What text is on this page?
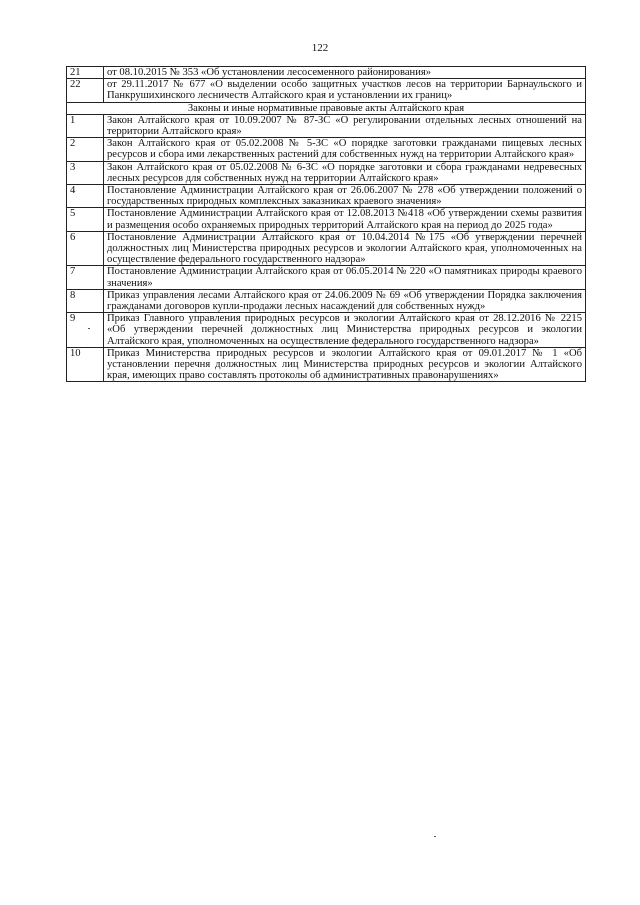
122
21	от 08.10.2015 № 353 «Об установлении лесосеменного районирования»
22	от 29.11.2017 № 677 «О выделении особо защитных участков лесов на территории Барнаульского и Панкрушихинского лесничеств Алтайского края и установлении их границ»
Законы и иные нормативные правовые акты Алтайского края	
1	Закон Алтайского края от 10.09.2007 № 87-ЗС «О регулировании отдельных лесных отношений на территории Алтайского края»
2	Закон Алтайского края от 05.02.2008 № 5-ЗС «О порядке заготовки гражданами пищевых лесных ресурсов и сбора ими лекарственных растений для собственных нужд на территории Алтайского края»
3	Закон Алтайского края от 05.02.2008 № 6-ЗС «О порядке заготовки и сбора гражданами недревесных лесных ресурсов для собственных нужд на территории Алтайского края»
4	Постановление Администрации Алтайского края от 26.06.2007 № 278 «Об утверждении положений о государственных природных комплексных заказниках краевого значения»
5	Постановление Администрации Алтайского края от 12.08.2013 №418 «Об утверждении схемы развития и размещения особо охраняемых природных территорий Алтайского края на период до 2025 года»
6	Постановление Администрации Алтайского края от 10.04.2014 №175 «Об утверждении перечней должностных лиц Министерства природных ресурсов и экологии Алтайского края, уполномоченных на осуществление федерального государственного надзора»
7	Постановление Администрации Алтайского края от 06.05.2014 № 220 «О памятниках природы краевого значения»
8	Приказ управления лесами Алтайского края от 24.06.2009 № 69 «Об утверждении Порядка заключения гражданами договоров купли-продажи лесных насаждений для собственных нужд»
9	Приказ Главного управления природных ресурсов и экологии Алтайского края от 28.12.2016 № 2215 «Об утверждении перечней должностных лиц Министерства природных ресурсов и экологии Алтайского края, уполномоченных на осуществление федерального государственного надзора»
10	Приказ Министерства природных ресурсов и экологии Алтайского края от 09.01.2017 № 1 «Об установлении перечня должностных лиц Министерства природных ресурсов и экологии Алтайского края, имеющих право составлять протоколы об административных правонарушениях»
